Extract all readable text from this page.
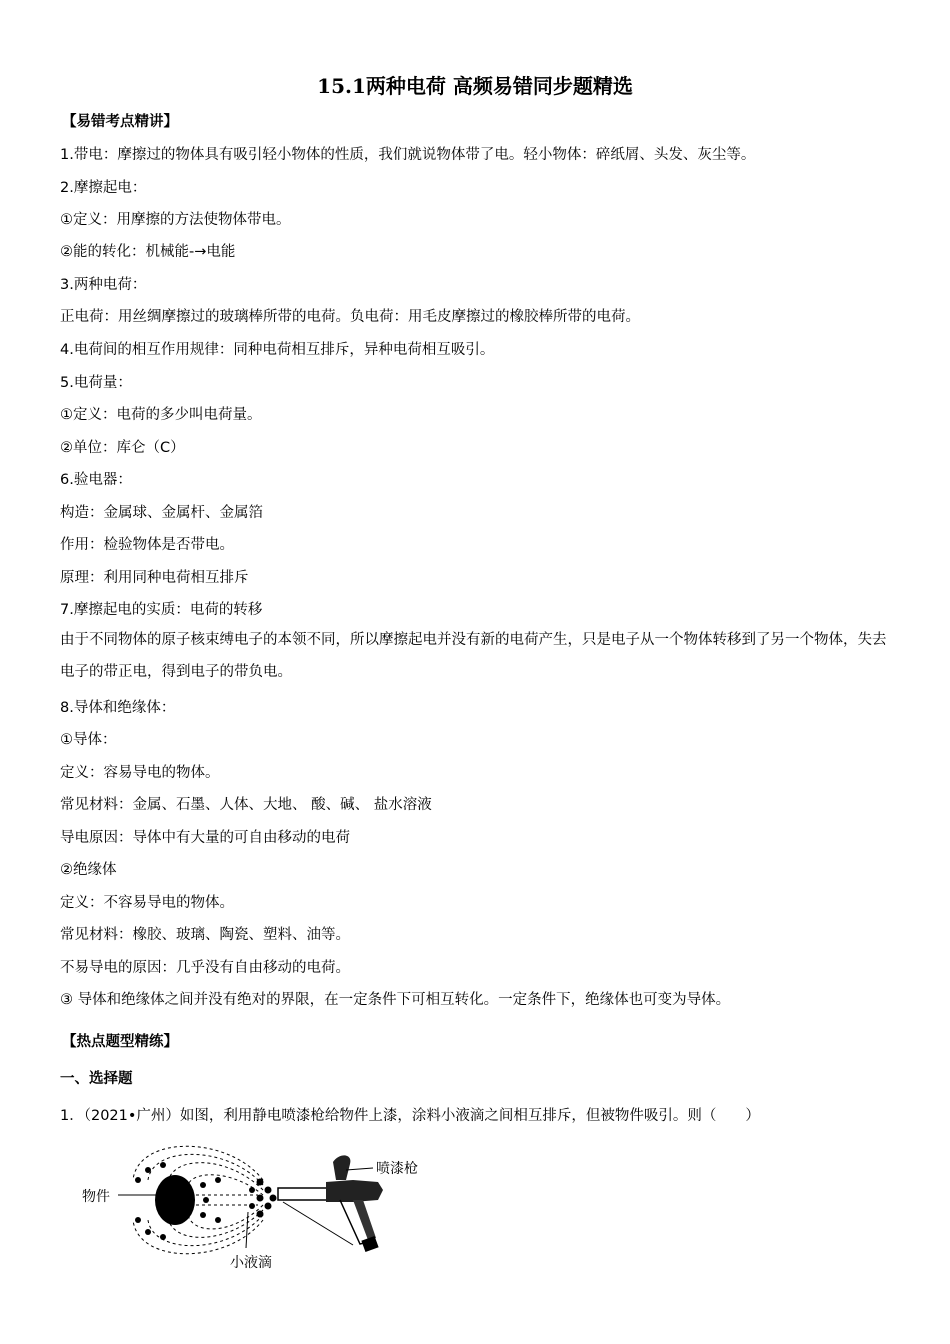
15.1两种电荷 高频易错同步题精选
【易错考点精讲】
1.带电：摩擦过的物体具有吸引轻小物体的性质，我们就说物体带了电。轻小物体：碎纸屑、头发、灰尘等。
2.摩擦起电：
①定义：用摩擦的方法使物体带电。
②能的转化：机械能-→电能
3.两种电荷：
正电荷：用丝绸摩擦过的玻璃棒所带的电荷。负电荷：用毛皮摩擦过的橡胶棒所带的电荷。
4.电荷间的相互作用规律：同种电荷相互排斥，异种电荷相互吸引。
5.电荷量：
①定义：电荷的多少叫电荷量。
②单位：库仑（C）
6.验电器：
构造：金属球、金属杆、金属箔
作用：检验物体是否带电。
原理：利用同种电荷相互排斥
7.摩擦起电的实质：电荷的转移
由于不同物体的原子核束缚电子的本领不同，所以摩擦起电并没有新的电荷产生，只是电子从一个物体转移到了另一个物体，失去电子的带正电，得到电子的带负电。
8.导体和绝缘体：
①导体：
定义：容易导电的物体。
常见材料：金属、石墨、人体、大地、 酸、碱、 盐水溶液
导电原因：导体中有大量的可自由移动的电荷
②绝缘体
定义：不容易导电的物体。
常见材料：橡胶、玻璃、陶瓷、塑料、油等。
不易导电的原因：几乎没有自由移动的电荷。
③ 导体和绝缘体之间并没有绝对的界限，在一定条件下可相互转化。一定条件下，绝缘体也可变为导体。
【热点题型精练】
一、选择题
1．（2021•广州）如图，利用静电喷漆枪给物件上漆，涂料小液滴之间相互排斥，但被物件吸引。则（　　）
物件
喷漆枪
小液滴
